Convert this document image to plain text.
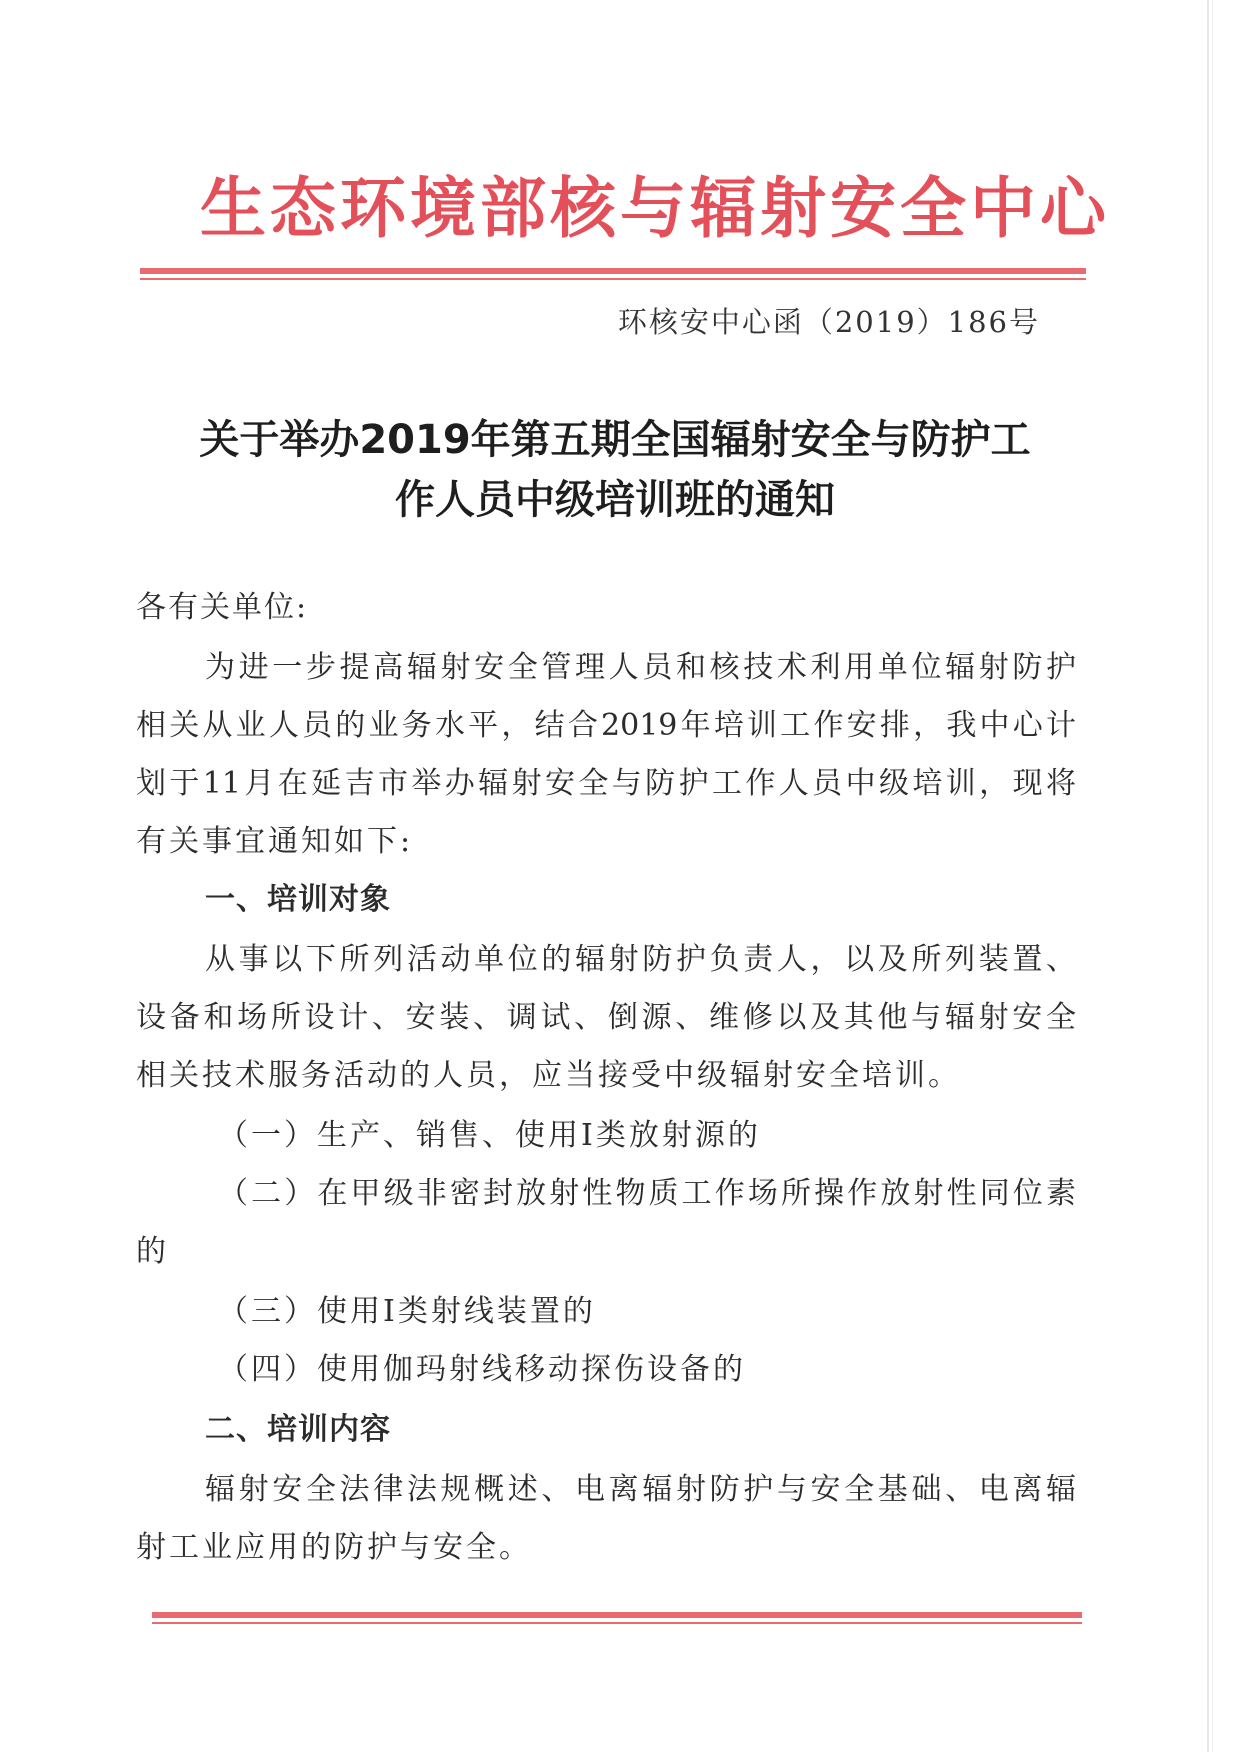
生态环境部核与辐射安全中心
环核安中心函（2019）186号
关于举办2019年第五期全国辐射安全与防护工
作人员中级培训班的通知
各有关单位:
为进一步提高辐射安全管理人员和核技术利用单位辐射防护
相关从业人员的业务水平，结合2019年培训工作安排，我中心计
划于11月在延吉市举办辐射安全与防护工作人员中级培训，现将
有关事宜通知如下:
一、培训对象
从事以下所列活动单位的辐射防护负责人，以及所列装置、
设备和场所设计、安装、调试、倒源、维修以及其他与辐射安全
相关技术服务活动的人员，应当接受中级辐射安全培训。
（一）生产、销售、使用Ⅰ类放射源的
（二）在甲级非密封放射性物质工作场所操作放射性同位素
的
（三）使用Ⅰ类射线装置的
（四）使用伽玛射线移动探伤设备的
二、培训内容
辐射安全法律法规概述、电离辐射防护与安全基础、电离辐
射工业应用的防护与安全。
